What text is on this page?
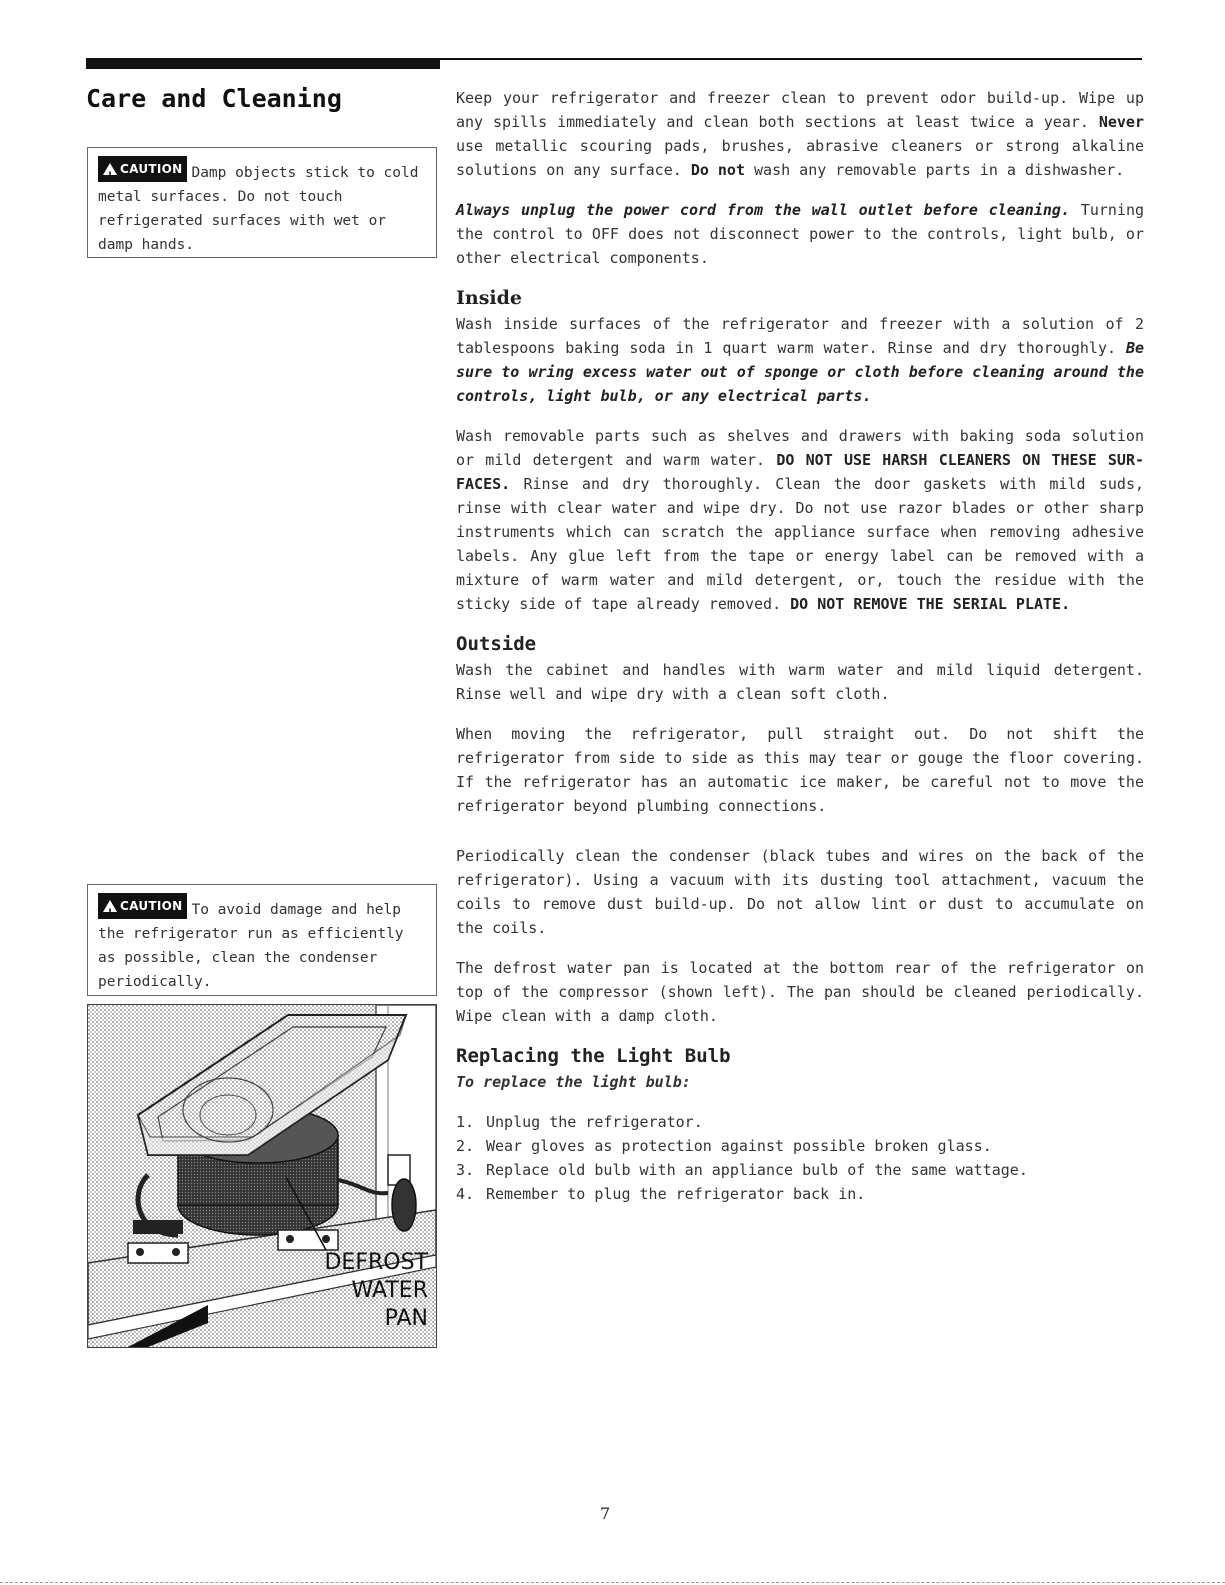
Care and Cleaning
!
CAUTION Damp objects stick to cold metal surfaces. Do not touch refrigerated surfaces with wet or damp hands.
!
CAUTION To avoid damage and help the refrigerator run as efficiently as possible, clean the condenser periodically.
DEFROST
WATER
PAN

Keep your refrigerator and freezer clean to prevent odor build-up. Wipe up any spills immediately and clean both sections at least twice a year. Never use metallic scouring pads, brushes, abrasive cleaners or strong alkaline solutions on any surface. Do not wash any removable parts in a dishwasher.

Always unplug the power cord from the wall outlet before cleaning. Turning the control to OFF does not disconnect power to the controls, light bulb, or other electrical components.

Inside

Wash inside surfaces of the refrigerator and freezer with a solution of 2 tablespoons baking soda in 1 quart warm water. Rinse and dry thoroughly. Be sure to wring excess water out of sponge or cloth before cleaning around the controls, light bulb, or any electrical parts.

Wash removable parts such as shelves and drawers with baking soda solution or mild detergent and warm water. DO NOT USE HARSH CLEANERS ON THESE SUR-FACES. Rinse and dry thoroughly. Clean the door gaskets with mild suds, rinse with clear water and wipe dry. Do not use razor blades or other sharp instruments which can scratch the appliance surface when removing adhesive labels. Any glue left from the tape or energy label can be removed with a mixture of warm water and mild detergent, or, touch the residue with the sticky side of tape already removed. DO NOT REMOVE THE SERIAL PLATE.

Outside

Wash the cabinet and handles with warm water and mild liquid detergent. Rinse well and wipe dry with a clean soft cloth.

When moving the refrigerator, pull straight out. Do not shift the refrigerator from side to side as this may tear or gouge the floor covering. If the refrigerator has an automatic ice maker, be careful not to move the refrigerator beyond plumbing connections.

Periodically clean the condenser (black tubes and wires on the back of the refrigerator). Using a vacuum with its dusting tool attachment, vacuum the coils to remove dust build-up. Do not allow lint or dust to accumulate on the coils.

The defrost water pan is located at the bottom rear of the refrigerator on top of the compressor (shown left). The pan should be cleaned periodically. Wipe clean with a damp cloth.

Replacing the Light Bulb

To replace the light bulb:

1. Unplug the refrigerator.
2. Wear gloves as protection against possible broken glass.
3. Replace old bulb with an appliance bulb of the same wattage.
4. Remember to plug the refrigerator back in.
7
